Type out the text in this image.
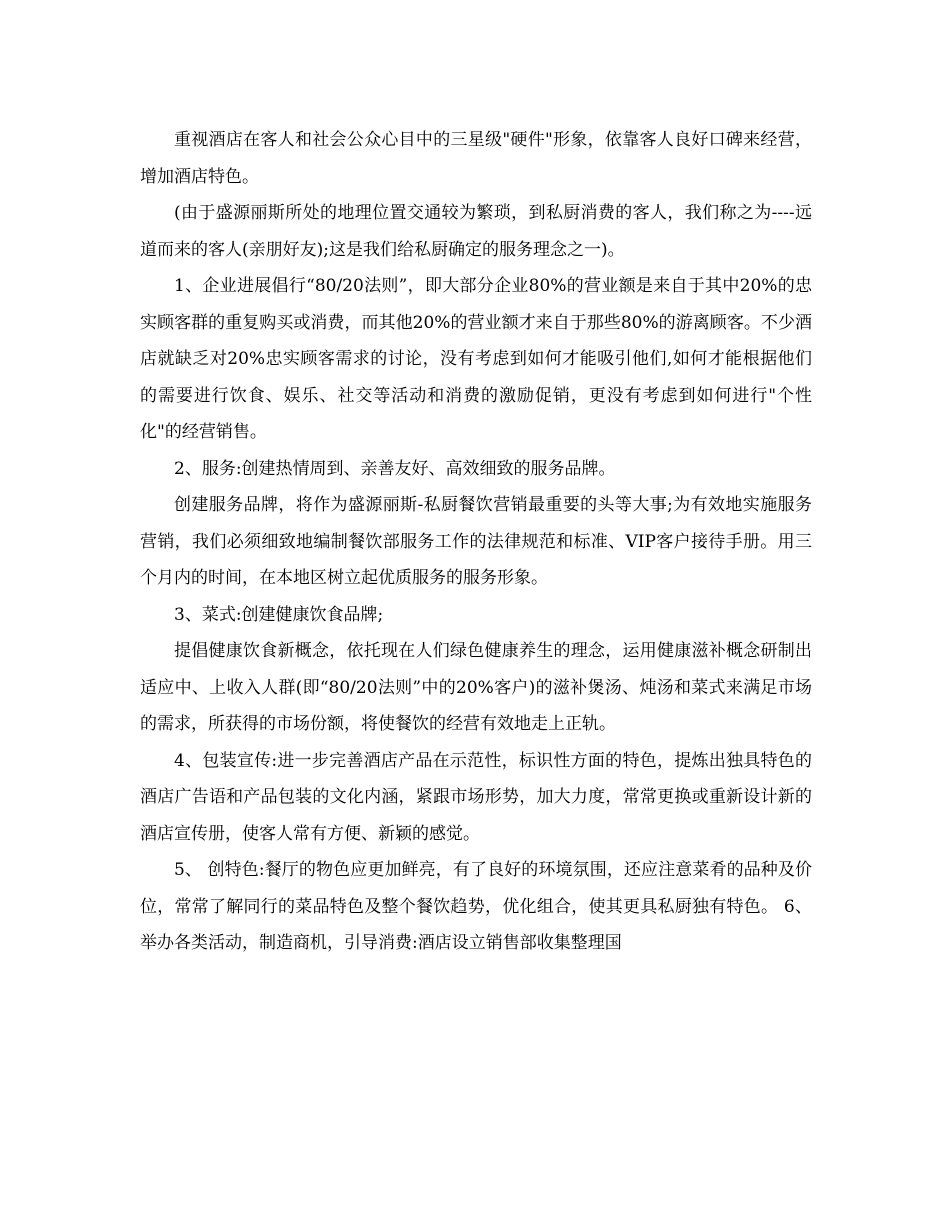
重视酒店在客人和社会公众心目中的三星级"硬件"形象，依靠客人良好口碑来经营，增加酒店特色。

(由于盛源丽斯所处的地理位置交通较为繁琐，到私厨消费的客人，我们称之为----远道而来的客人(亲朋好友);这是我们给私厨确定的服务理念之一)。

1、企业进展倡行“80/20法则”，即大部分企业80%的营业额是来自于其中20%的忠实顾客群的重复购买或消费，而其他20%的营业额才来自于那些80%的游离顾客。不少酒店就缺乏对20%忠实顾客需求的讨论，没有考虑到如何才能吸引他们,如何才能根据他们的需要进行饮食、娱乐、社交等活动和消费的激励促销，更没有考虑到如何进行"个性化"的经营销售。

2、服务:创建热情周到、亲善友好、高效细致的服务品牌。

创建服务品牌，将作为盛源丽斯-私厨餐饮营销最重要的头等大事;为有效地实施服务营销，我们必须细致地编制餐饮部服务工作的法律规范和标准、VIP客户接待手册。用三个月内的时间，在本地区树立起优质服务的服务形象。

3、菜式:创建健康饮食品牌;

提倡健康饮食新概念，依托现在人们绿色健康养生的理念，运用健康滋补概念研制出适应中、上收入人群(即“80/20法则”中的20%客户)的滋补煲汤、炖汤和菜式来满足市场的需求，所获得的市场份额，将使餐饮的经营有效地走上正轨。

4、包装宣传:进一步完善酒店产品在示范性，标识性方面的特色，提炼出独具特色的酒店广告语和产品包装的文化内涵，紧跟市场形势，加大力度，常常更换或重新设计新的酒店宣传册，使客人常有方便、新颖的感觉。

5、 创特色:餐厅的物色应更加鲜亮，有了良好的环境氛围，还应注意菜肴的品种及价位，常常了解同行的菜品特色及整个餐饮趋势，优化组合，使其更具私厨独有特色。 6、 举办各类活动，制造商机，引导消费:酒店设立销售部收集整理国
